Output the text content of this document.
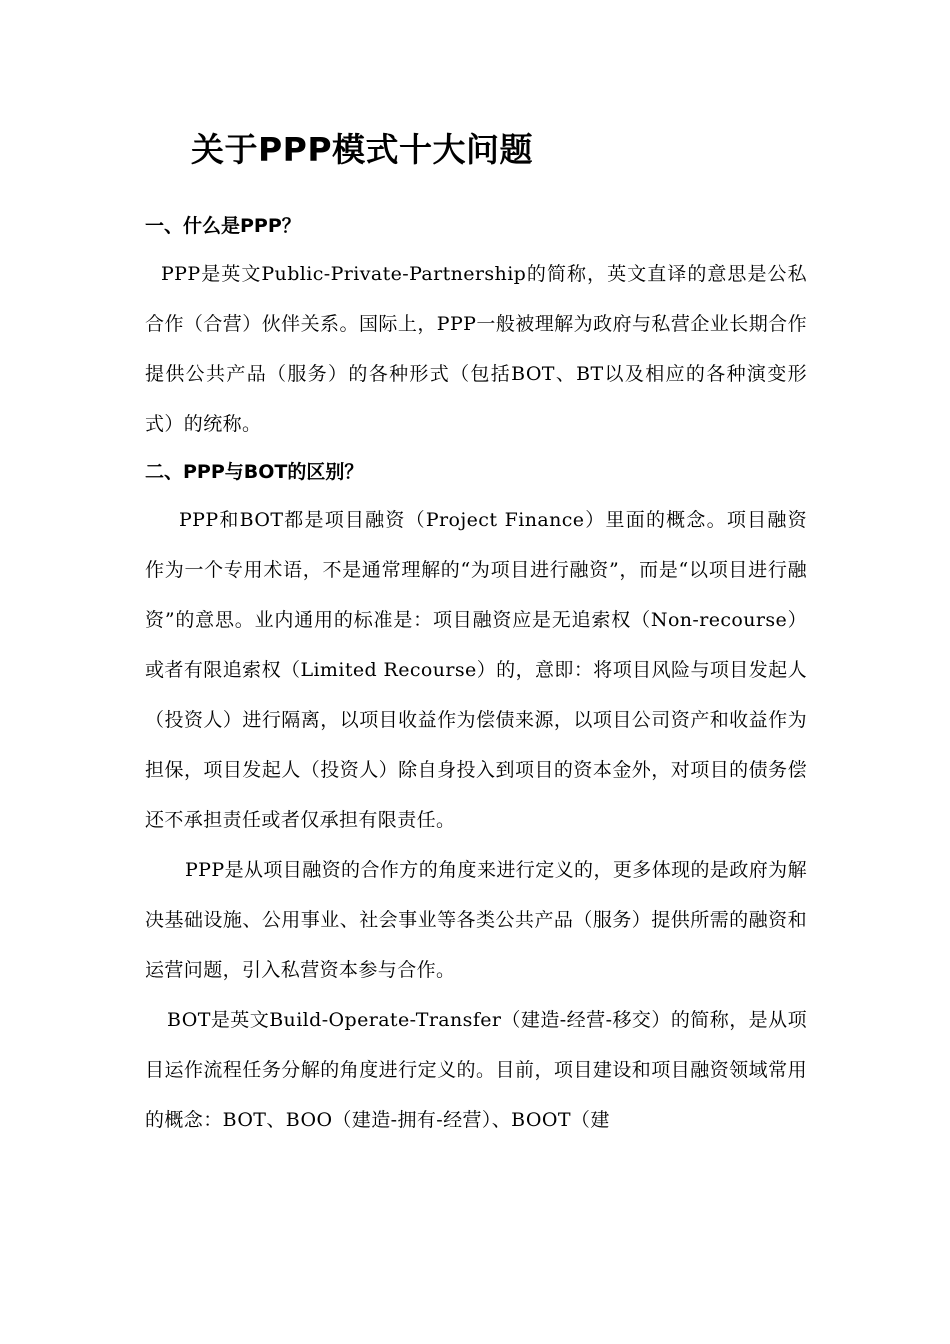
关于PPP模式十大问题
一、什么是PPP？

PPP是英文Public-Private-Partnership的简称，英文直译的意思是公私合作（合营）伙伴关系。国际上，PPP一般被理解为政府与私营企业长期合作提供公共产品（服务）的各种形式（包括BOT、BT以及相应的各种演变形式）的统称。

二、PPP与BOT的区别？

PPP和BOT都是项目融资（Project Finance）里面的概念。项目融资作为一个专用术语，不是通常理解的“为项目进行融资”，而是“以项目进行融资”的意思。业内通用的标准是：项目融资应是无追索权（Non-recourse）或者有限追索权（Limited Recourse）的，意即：将项目风险与项目发起人（投资人）进行隔离，以项目收益作为偿债来源，以项目公司资产和收益作为担保，项目发起人（投资人）除自身投入到项目的资本金外，对项目的债务偿还不承担责任或者仅承担有限责任。

PPP是从项目融资的合作方的角度来进行定义的，更多体现的是政府为解决基础设施、公用事业、社会事业等各类公共产品（服务）提供所需的融资和运营问题，引入私营资本参与合作。

BOT是英文Build-Operate-Transfer（建造-经营-移交）的简称，是从项目运作流程任务分解的角度进行定义的。目前，项目建设和项目融资领域常用的概念：BOT、BOO（建造-拥有-经营）、BOOT（建
